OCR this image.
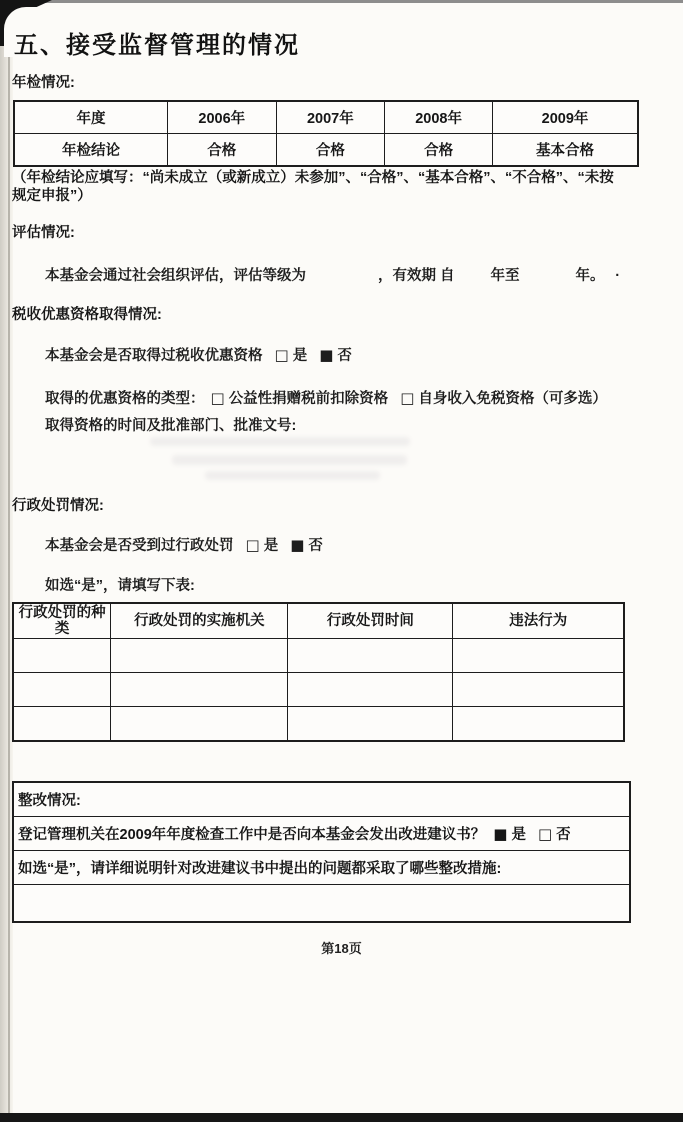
五、接受监督管理的情况
年检情况:
年度	2006年	2007年	2008年	2009年
年检结论	合格	合格	合格	基本合格
（年检结论应填写：“尚未成立（或新成立）未参加”、“合格”、“基本合格”、“不合格”、“未按
规定申报”）
评估情况:
本基金会通过社会组织评估，评估等级为	，有效期 自 年至	年。 ·
税收优惠资格取得情况:
本基金会是否取得过税收优惠资格 □ 是 ■ 否
取得的优惠资格的类型： □ 公益性捐赠税前扣除资格 □ 自身收入免税资格（可多选）
取得资格的时间及批准部门、批准文号:
行政处罚情况:
本基金会是否受到过行政处罚 □ 是 ■ 否
如选“是”，请填写下表:
行政处罚的种类	行政处罚的实施机关	行政处罚时间	违法行为

整改情况:
登记管理机关在2009年年度检查工作中是否向本基金会发出改进建议书？ ■ 是 □ 否
如选“是”，请详细说明针对改进建议书中提出的问题都采取了哪些整改措施:

第18页
